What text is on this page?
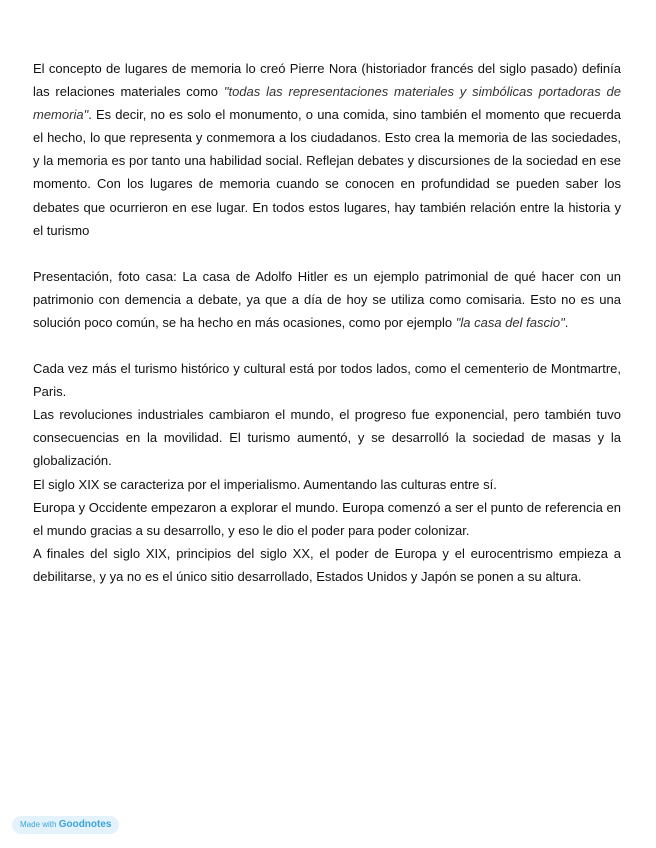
El concepto de lugares de memoria lo creó Pierre Nora (historiador francés del siglo pasado) definía las relaciones materiales como "todas las representaciones materiales y simbólicas portadoras de memoria". Es decir, no es solo el monumento, o una comida, sino también el momento que recuerda el hecho, lo que representa y conmemora a los ciudadanos. Esto crea la memoria de las sociedades, y la memoria es por tanto una habilidad social. Reflejan debates y discursiones de la sociedad en ese momento. Con los lugares de memoria cuando se conocen en profundidad se pueden saber los debates que ocurrieron en ese lugar. En todos estos lugares, hay también relación entre la historia y el turismo

Presentación, foto casa: La casa de Adolfo Hitler es un ejemplo patrimonial de qué hacer con un patrimonio con demencia a debate, ya que a día de hoy se utiliza como comisaria. Esto no es una solución poco común, se ha hecho en más ocasiones, como por ejemplo "la casa del fascio".

Cada vez más el turismo histórico y cultural está por todos lados, como el cementerio de Montmartre, Paris.

Las revoluciones industriales cambiaron el mundo, el progreso fue exponencial, pero también tuvo consecuencias en la movilidad. El turismo aumentó, y se desarrolló la sociedad de masas y la globalización.

El siglo XIX se caracteriza por el imperialismo. Aumentando las culturas entre sí.

Europa y Occidente empezaron a explorar el mundo. Europa comenzó a ser el punto de referencia en el mundo gracias a su desarrollo, y eso le dio el poder para poder colonizar.

A finales del siglo XIX, principios del siglo XX, el poder de Europa y el eurocentrismo empieza a debilitarse, y ya no es el único sitio desarrollado, Estados Unidos y Japón se ponen a su altura.

Made with Goodnotes
